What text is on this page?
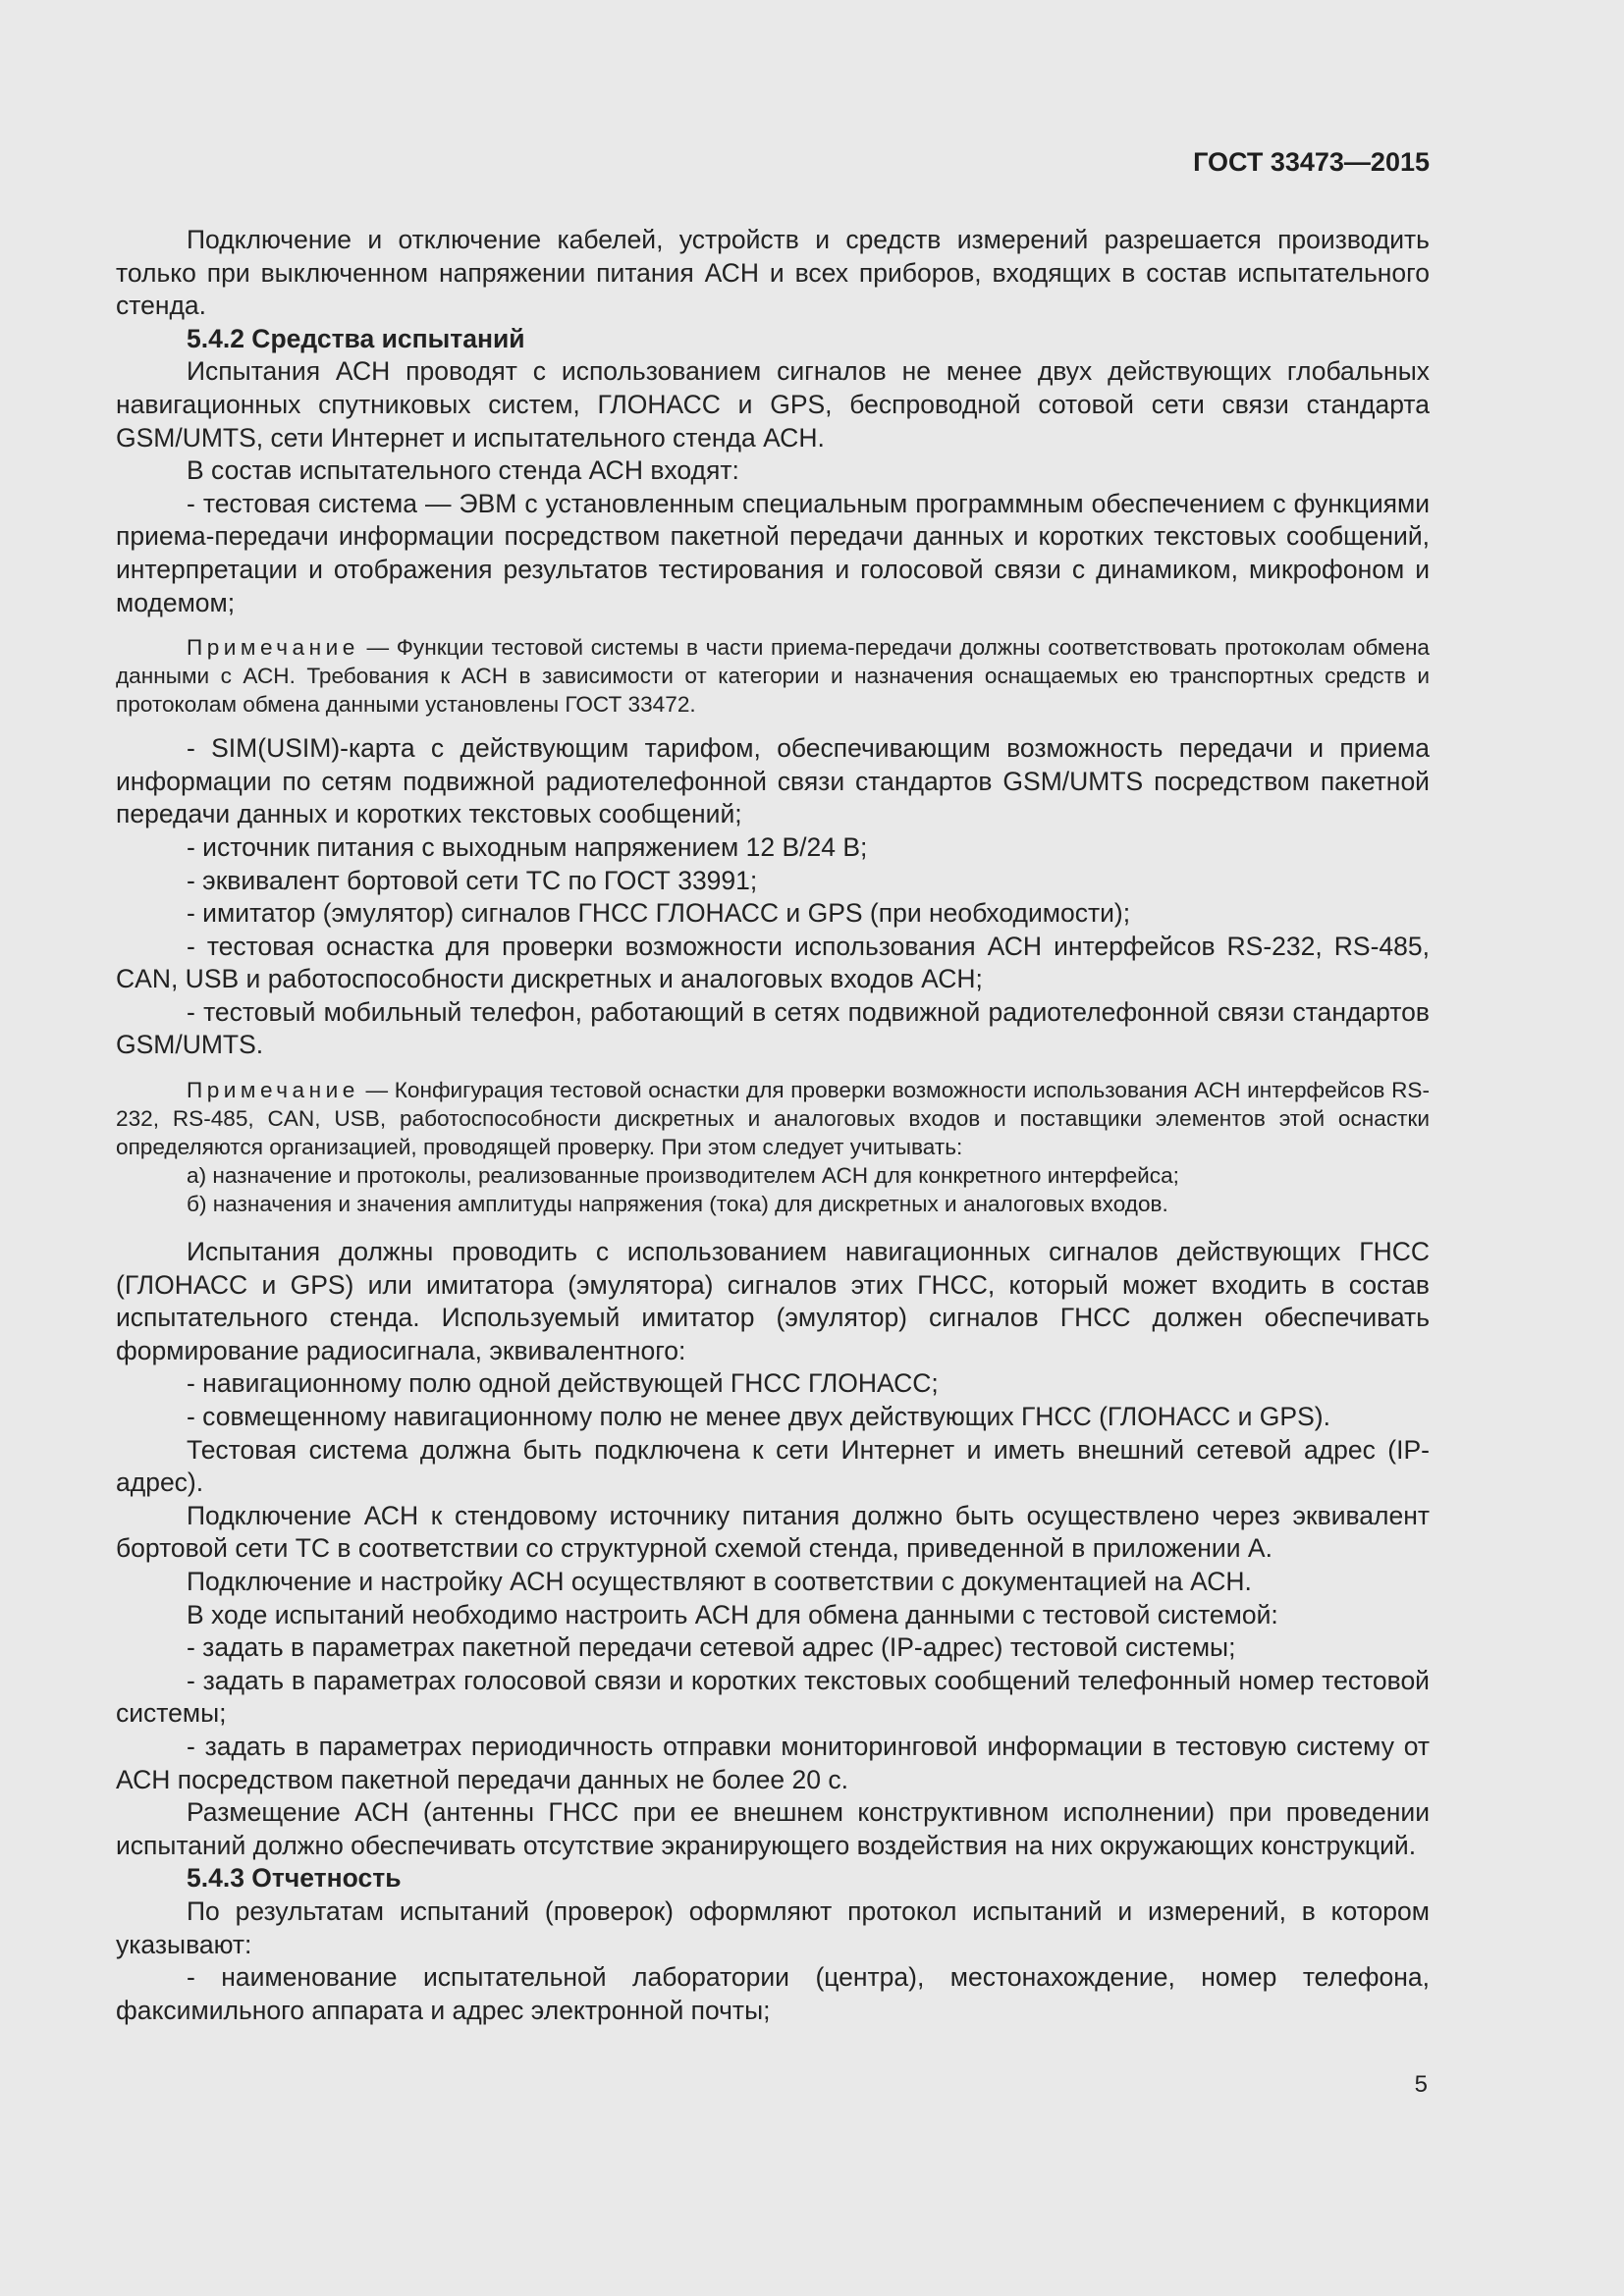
ГОСТ 33473—2015

Подключение и отключение кабелей, устройств и средств измерений разрешается производить только при выключенном напряжении питания АСН и всех приборов, входящих в состав испытательного стенда.

5.4.2 Средства испытаний

Испытания АСН проводят с использованием сигналов не менее двух действующих глобальных навигационных спутниковых систем, ГЛОНАСС и GPS, беспроводной сотовой сети связи стандарта GSM/UMTS, сети Интернет и испытательного стенда АСН.

В состав испытательного стенда АСН входят:

- тестовая система — ЭВМ с установленным специальным программным обеспечением с функциями приема-передачи информации посредством пакетной передачи данных и коротких текстовых сообщений, интерпретации и отображения результатов тестирования и голосовой связи с динамиком, микрофоном и модемом;

Примечание — Функции тестовой системы в части приема-передачи должны соответствовать протоколам обмена данными с АСН. Требования к АСН в зависимости от категории и назначения оснащаемых ею транспортных средств и протоколам обмена данными установлены ГОСТ 33472.

- SIM(USIM)-карта с действующим тарифом, обеспечивающим возможность передачи и приема информации по сетям подвижной радиотелефонной связи стандартов GSM/UMTS посредством пакетной передачи данных и коротких текстовых сообщений;

- источник питания с выходным напряжением 12 В/24 В;

- эквивалент бортовой сети ТС по ГОСТ 33991;

- имитатор (эмулятор) сигналов ГНСС ГЛОНАСС и GPS (при необходимости);

- тестовая оснастка для проверки возможности использования АСН интерфейсов RS-232, RS-485, CAN, USB и работоспособности дискретных и аналоговых входов АСН;

- тестовый мобильный телефон, работающий в сетях подвижной радиотелефонной связи стандартов GSM/UMTS.

Примечание — Конфигурация тестовой оснастки для проверки возможности использования АСН интерфейсов RS-232, RS-485, CAN, USB, работоспособности дискретных и аналоговых входов и поставщики элементов этой оснастки определяются организацией, проводящей проверку. При этом следует учитывать:

а) назначение и протоколы, реализованные производителем АСН для конкретного интерфейса;

б) назначения и значения амплитуды напряжения (тока) для дискретных и аналоговых входов.

Испытания должны проводить с использованием навигационных сигналов действующих ГНСС (ГЛОНАСС и GPS) или имитатора (эмулятора) сигналов этих ГНСС, который может входить в состав испытательного стенда. Используемый имитатор (эмулятор) сигналов ГНСС должен обеспечивать формирование радиосигнала, эквивалентного:

- навигационному полю одной действующей ГНСС ГЛОНАСС;

- совмещенному навигационному полю не менее двух действующих ГНСС (ГЛОНАСС и GPS).

Тестовая система должна быть подключена к сети Интернет и иметь внешний сетевой адрес (IP-адрес).

Подключение АСН к стендовому источнику питания должно быть осуществлено через эквивалент бортовой сети ТС в соответствии со структурной схемой стенда, приведенной в приложении А.

Подключение и настройку АСН осуществляют в соответствии с документацией на АСН.

В ходе испытаний необходимо настроить АСН для обмена данными с тестовой системой:

- задать в параметрах пакетной передачи сетевой адрес (IP-адрес) тестовой системы;

- задать в параметрах голосовой связи и коротких текстовых сообщений телефонный номер тестовой системы;

- задать в параметрах периодичность отправки мониторинговой информации в тестовую систему от АСН посредством пакетной передачи данных не более 20 с.

Размещение АСН (антенны ГНСС при ее внешнем конструктивном исполнении) при проведении испытаний должно обеспечивать отсутствие экранирующего воздействия на них окружающих конструкций.

5.4.3 Отчетность

По результатам испытаний (проверок) оформляют протокол испытаний и измерений, в котором указывают:

- наименование испытательной лаборатории (центра), местонахождение, номер телефона, факсимильного аппарата и адрес электронной почты;

5
